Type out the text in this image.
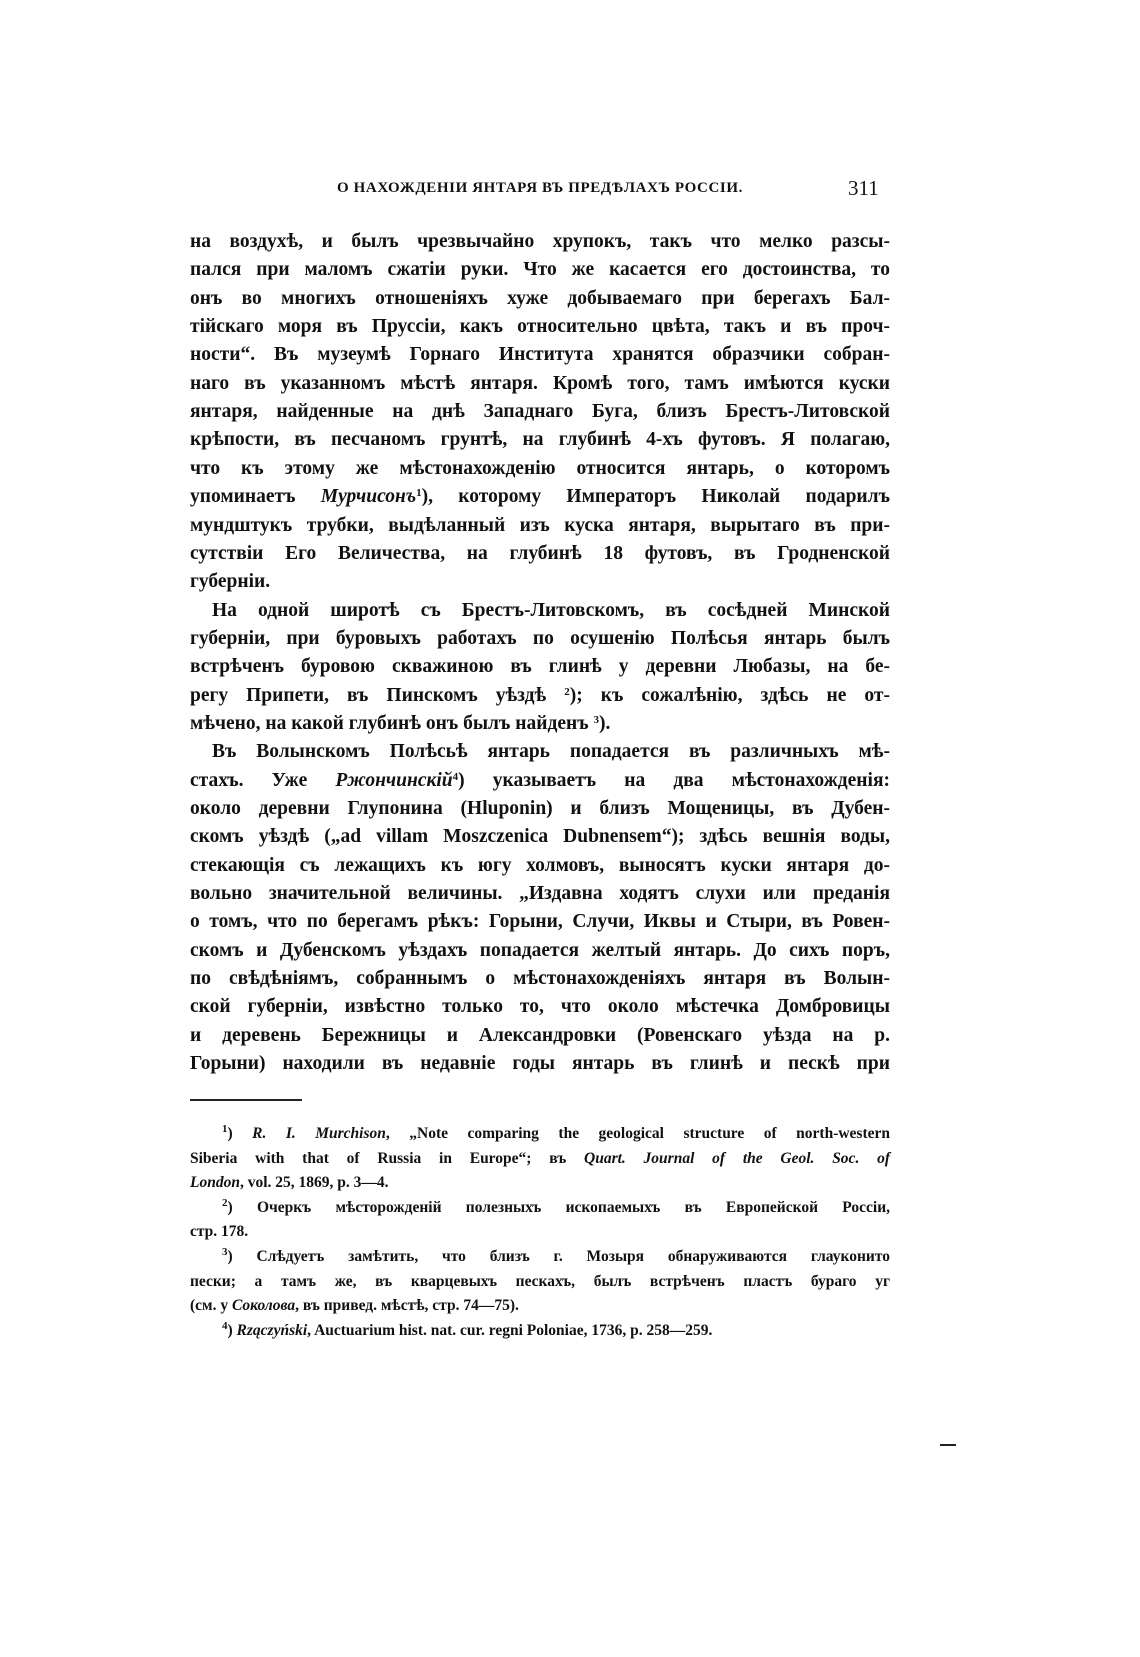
О НАХОЖДЕНІИ ЯНТАРЯ ВЪ ПРЕДѢЛАХЪ РОССІИ.	311
на воздухѣ, и былъ чрезвычайно хрупокъ, такъ что мелко разсы-
пался при маломъ сжатіи руки. Что же касается его достоинства, то
онъ во многихъ отношеніяхъ хуже добываемаго при берегахъ Бал-
тійскаго моря въ Пруссіи, какъ относительно цвѣта, такъ и въ проч-
ности“. Въ музеумѣ Горнаго Института хранятся образчики собран-
наго въ указанномъ мѣстѣ янтаря. Кромѣ того, тамъ имѣются куски
янтаря, найденные на днѣ Западнаго Буга, близъ Брестъ-Литовской
крѣпости, въ песчаномъ грунтѣ, на глубинѣ 4-хъ футовъ. Я полагаю,
что къ этому же мѣстонахожденію относится янтарь, о которомъ
упоминаетъ Мурчисонъ$^1$), которому Императоръ Николай подарилъ
мундштукъ трубки, выдѣланный изъ куска янтаря, вырытаго въ при-
сутствіи Его Величества, на глубинѣ 18 футовъ, въ Гродненской
губерніи.
На одной широтѣ съ Брестъ-Литовскомъ, въ сосѣдней Минской
губерніи, при буровыхъ работахъ по осушенію Полѣсья янтарь былъ
встрѣченъ буровою скважиною въ глинѣ у деревни Любазы, на бе-
регу Припети, въ Пинскомъ уѣздѣ $^2$); къ сожалѣнію, здѣсь не от-
мѣчено, на какой глубинѣ онъ былъ найденъ $^3$).
Въ Волынскомъ Полѣсьѣ янтарь попадается въ различныхъ мѣ-
стахъ. Уже Ржончинскій$^4$) указываетъ на два мѣстонахожденія:
около деревни Глупонина (Hluponin) и близъ Мощеницы, въ Дубен-
скомъ уѣздѣ („ad villam Moszczenica Dubnensem“); здѣсь вешнія воды,
стекающія съ лежащихъ къ югу холмовъ, выносятъ куски янтаря до-
вольно значительной величины. „Издавна ходятъ слухи или преданія
о томъ, что по берегамъ рѣкъ: Горыни, Случи, Иквы и Стыри, въ Ровен-
скомъ и Дубенскомъ уѣздахъ попадается желтый янтарь. До сихъ поръ,
по свѣдѣніямъ, собраннымъ о мѣстонахожденіяхъ янтаря въ Волын-
ской губерніи, извѣстно только то, что около мѣстечка Домбровицы
и деревень Бережницы и Александровки (Ровенскаго уѣзда на р.
Горыни) находили въ недавніе годы янтарь въ глинѣ и пескѣ при
$^1$) R. I. Murchison, „Note comparing the geological structure of north-western
Siberia with that of Russia in Europe“; въ Quart. Journal of the Geol. Soc. of
London, vol. 25, 1869, p. 3—4.
$^2$) Очеркъ мѣсторожденій полезныхъ ископаемыхъ въ Европейской Россіи,
стр. 178.
$^3$) Слѣдуетъ замѣтить, что близъ г. Мозыря обнаруживаются глауконито
пески; а тамъ же, въ кварцевыхъ пескахъ, былъ встрѣченъ пластъ бураго уг
(см. у Соколова, въ привед. мѣстѣ, стр. 74—75).
$^4$) Rzączyński, Auctuarium hist. nat. cur. regni Poloniae, 1736, p. 258—259.
